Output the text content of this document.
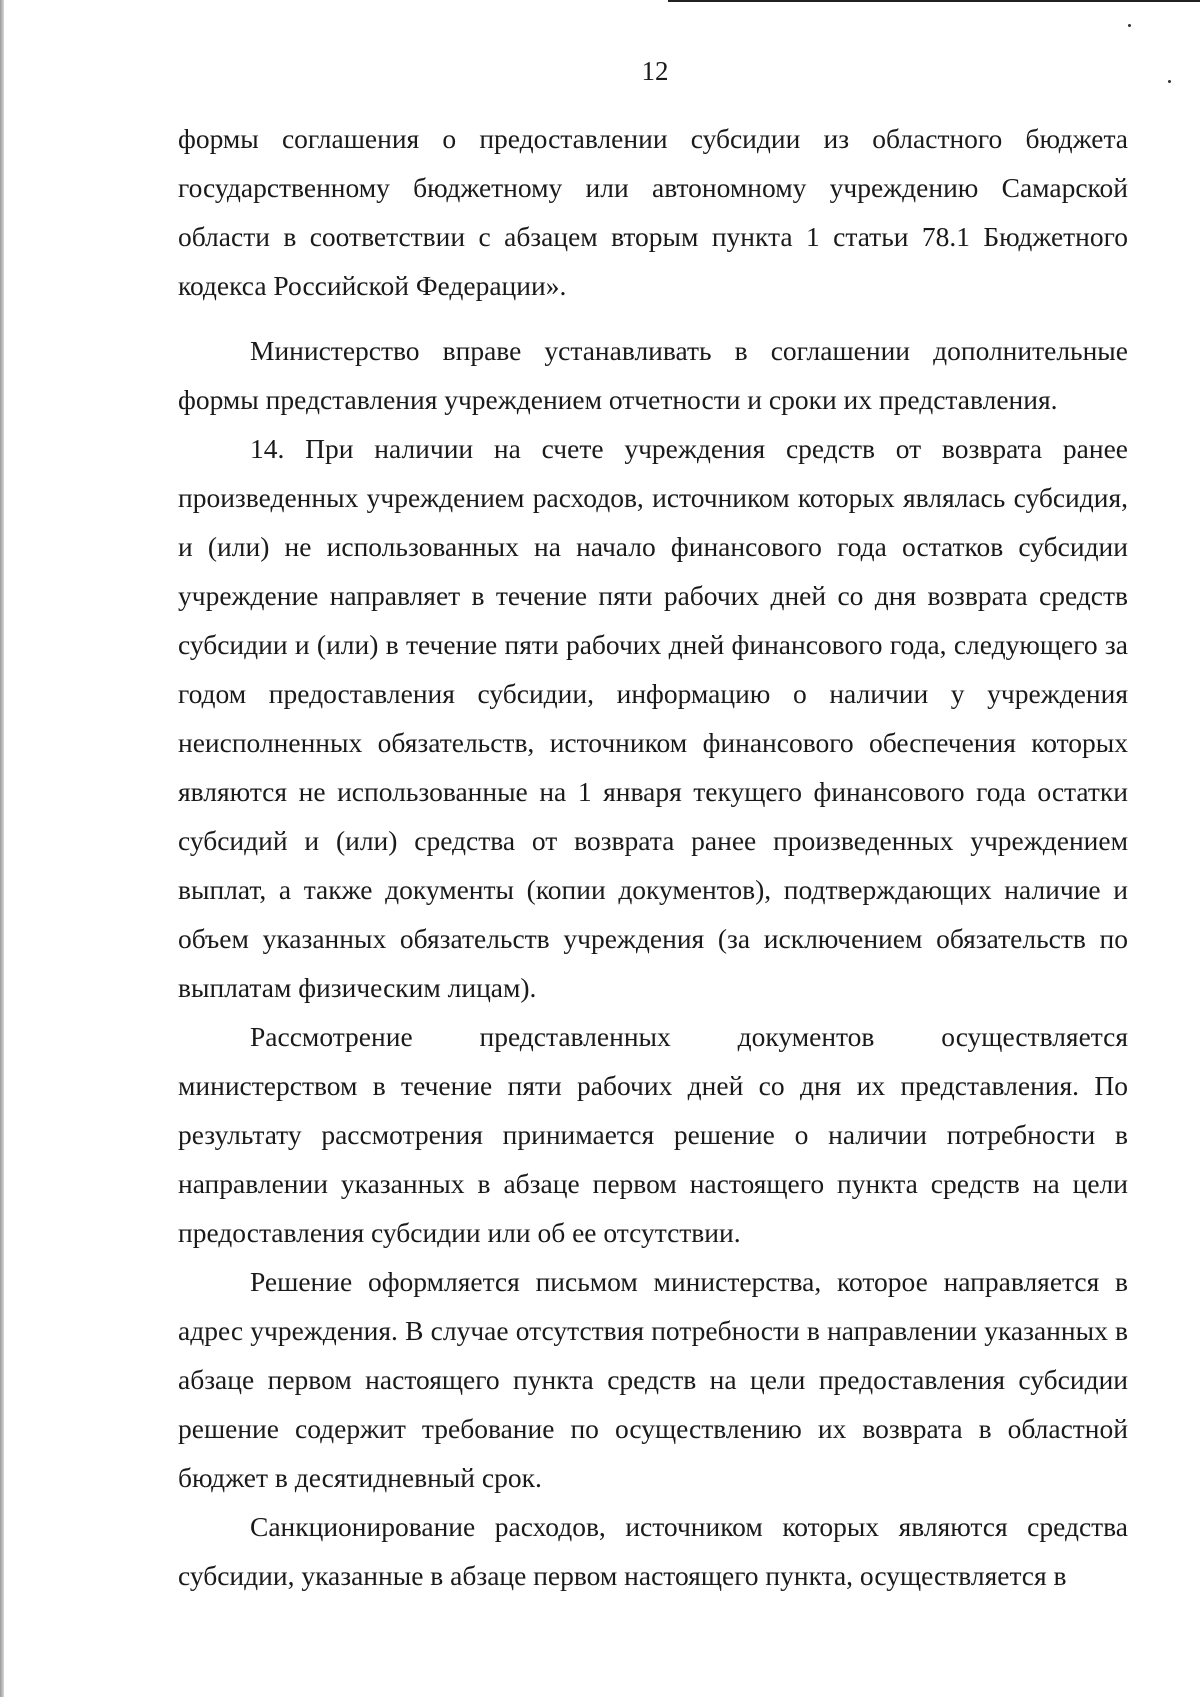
12

формы соглашения о предоставлении субсидии из областного бюджета государственному бюджетному или автономному учреждению Самарской области в соответствии с абзацем вторым пункта 1 статьи 78.1 Бюджетного кодекса Российской Федерации».

Министерство вправе устанавливать в соглашении дополнительные формы представления учреждением отчетности и сроки их представления.

14. При наличии на счете учреждения средств от возврата ранее произведенных учреждением расходов, источником которых являлась субсидия, и (или) не использованных на начало финансового года остатков субсидии учреждение направляет в течение пяти рабочих дней со дня возврата средств субсидии и (или) в течение пяти рабочих дней финансового года, следующего за годом предоставления субсидии, информацию о наличии у учреждения неисполненных обязательств, источником финансового обеспечения которых являются не использованные на 1 января текущего финансового года остатки субсидий и (или) средства от возврата ранее произведенных учреждением выплат, а также документы (копии документов), подтверждающих наличие и объем указанных обязательств учреждения (за исключением обязательств по выплатам физическим лицам).

Рассмотрение представленных документов осуществляется министерством в течение пяти рабочих дней со дня их представления. По результату рассмотрения принимается решение о наличии потребности в направлении указанных в абзаце первом настоящего пункта средств на цели предоставления субсидии или об ее отсутствии.

Решение оформляется письмом министерства, которое направляется в адрес учреждения. В случае отсутствия потребности в направлении указанных в абзаце первом настоящего пункта средств на цели предоставления субсидии решение содержит требование по осуществлению их возврата в областной бюджет в десятидневный срок.

Санкционирование расходов, источником которых являются средства субсидии, указанные в абзаце первом настоящего пункта, осуществляется в
